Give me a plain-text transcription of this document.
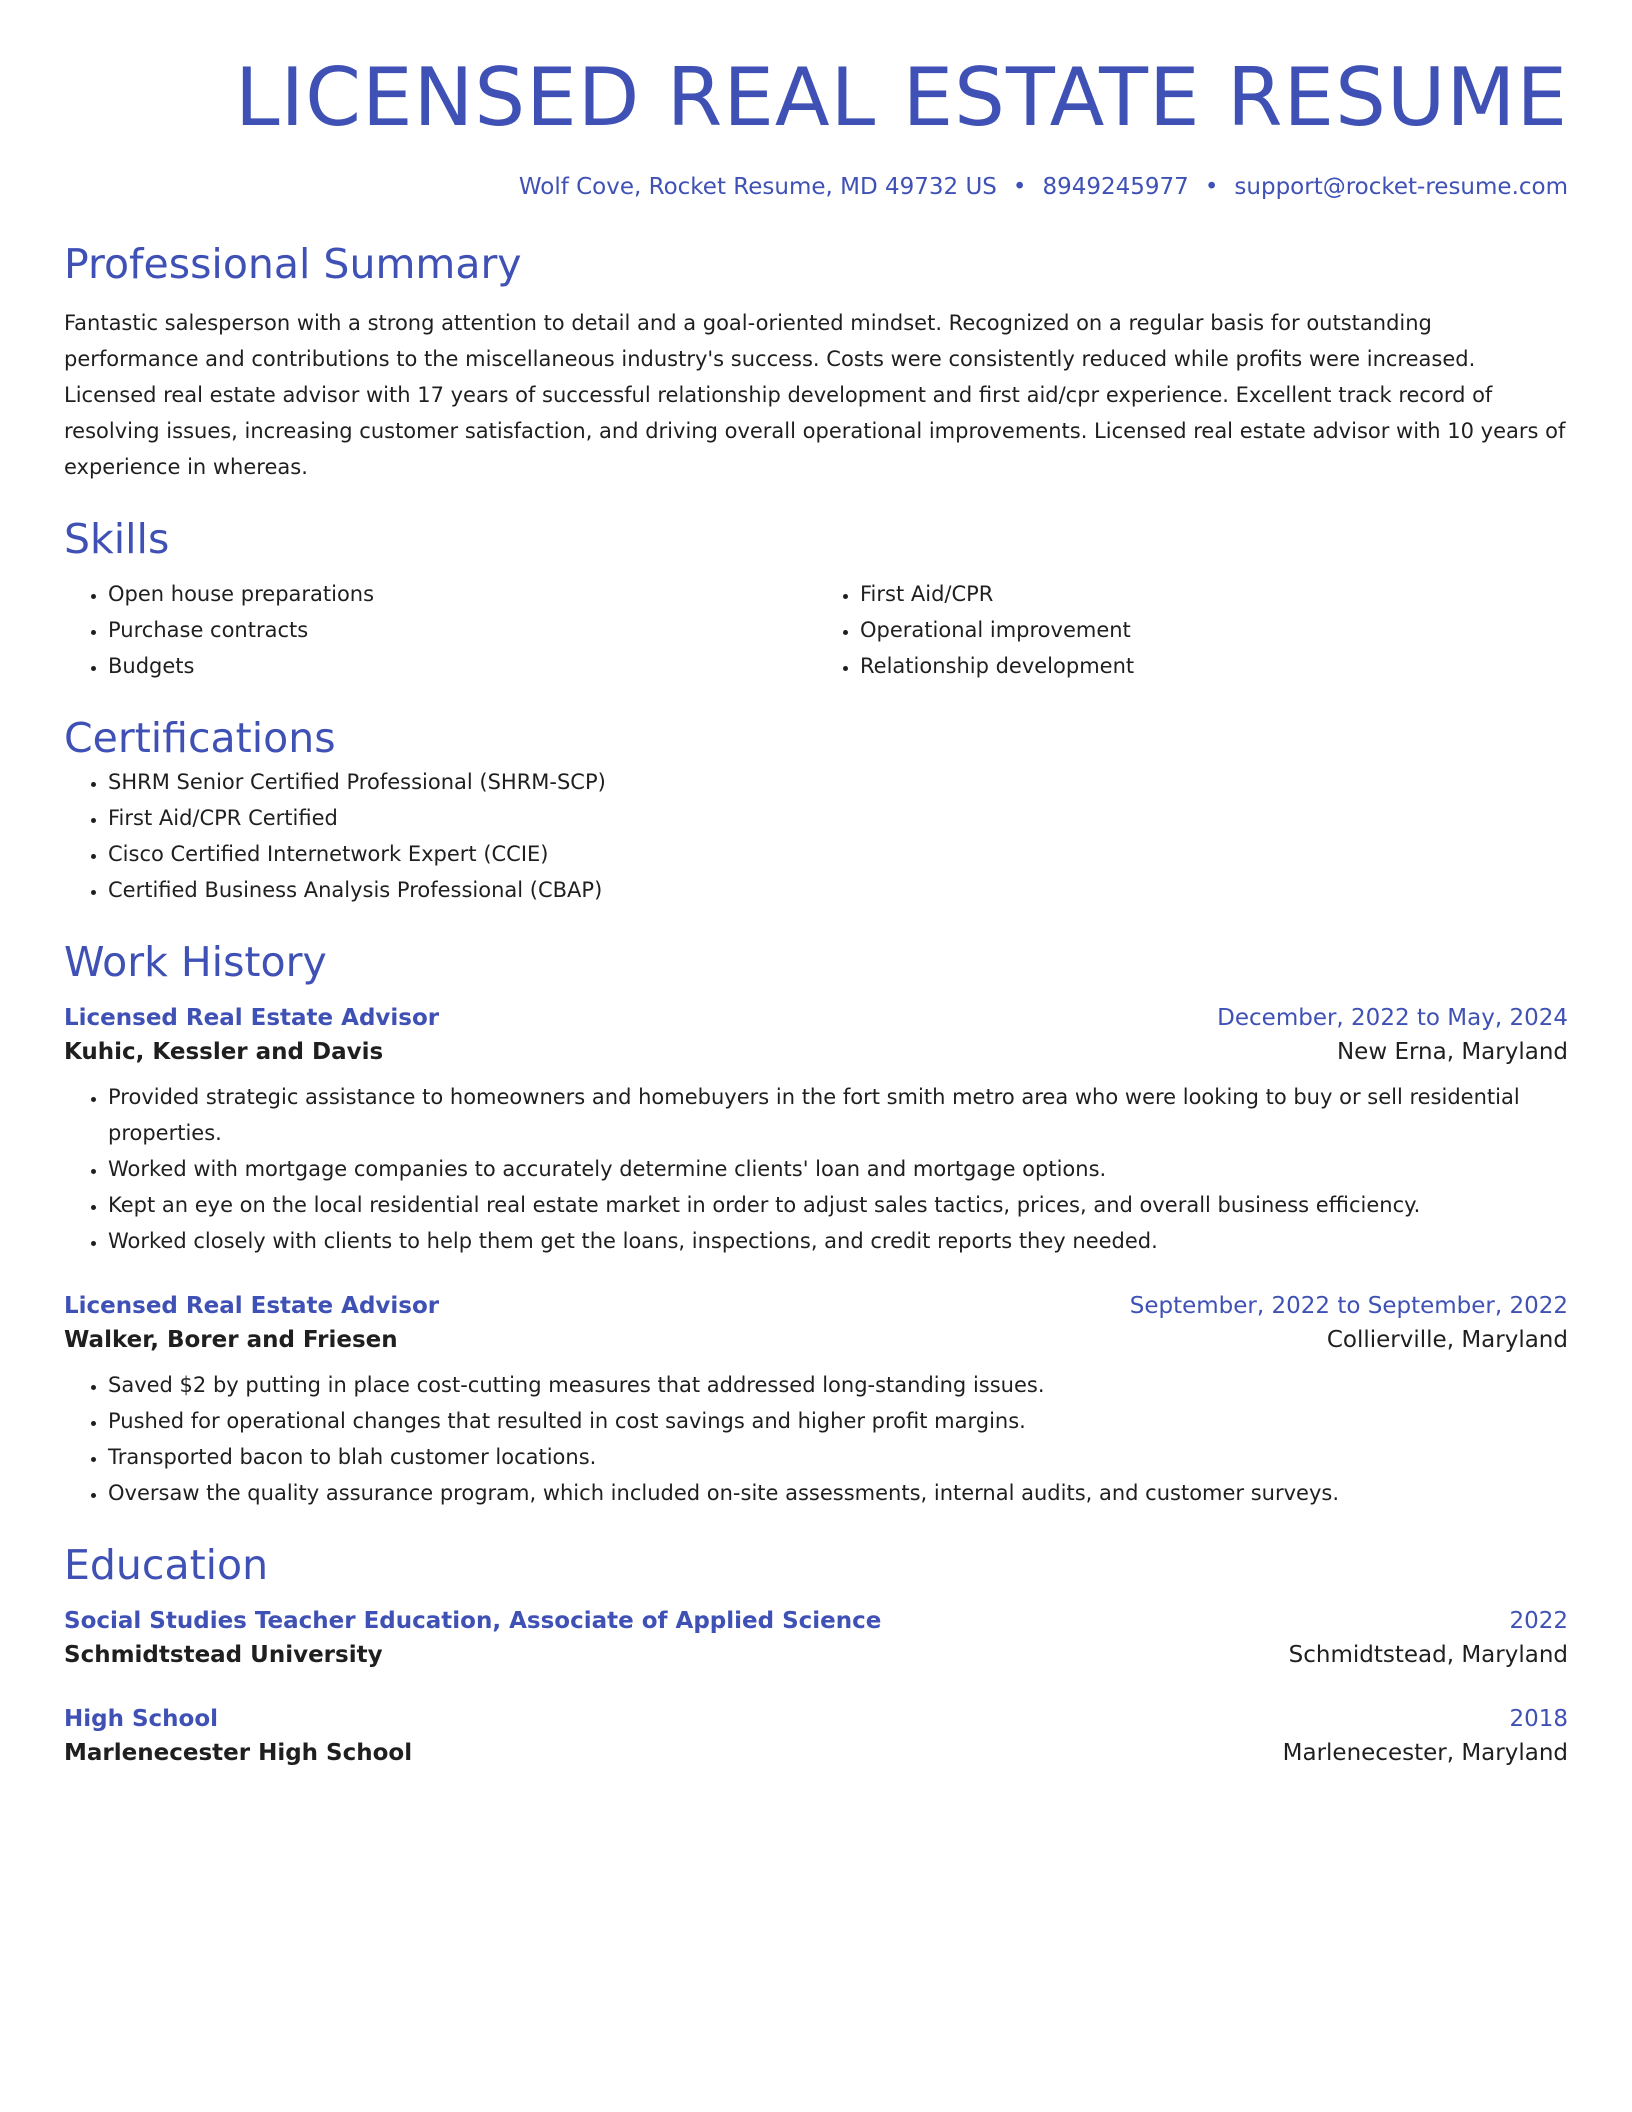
LICENSED REAL ESTATE RESUME
Wolf Cove, Rocket Resume, MD 49732 US • 8949245977 • support@rocket-resume.com
Professional Summary

Fantastic salesperson with a strong attention to detail and a goal-oriented mindset. Recognized on a regular basis for outstanding performance and contributions to the miscellaneous industry's success. Costs were consistently reduced while profits were increased. Licensed real estate advisor with 17 years of successful relationship development and first aid/cpr experience. Excellent track record of resolving issues, increasing customer satisfaction, and driving overall operational improvements. Licensed real estate advisor with 10 years of experience in whereas.

Skills
• Open house preparations
• Purchase contracts
• Budgets
• First Aid/CPR
• Operational improvement
• Relationship development
Certifications
• SHRM Senior Certified Professional (SHRM-SCP)
• First Aid/CPR Certified
• Cisco Certified Internetwork Expert (CCIE)
• Certified Business Analysis Professional (CBAP)
Work History
Licensed Real Estate Advisor	December, 2022 to May, 2024
Kuhic, Kessler and Davis	New Erna, Maryland
• Provided strategic assistance to homeowners and homebuyers in the fort smith metro area who were looking to buy or sell residential properties.
• Worked with mortgage companies to accurately determine clients' loan and mortgage options.
• Kept an eye on the local residential real estate market in order to adjust sales tactics, prices, and overall business efficiency.
• Worked closely with clients to help them get the loans, inspections, and credit reports they needed.
Licensed Real Estate Advisor	September, 2022 to September, 2022
Walker, Borer and Friesen	Collierville, Maryland
• Saved $2 by putting in place cost-cutting measures that addressed long-standing issues.
• Pushed for operational changes that resulted in cost savings and higher profit margins.
• Transported bacon to blah customer locations.
• Oversaw the quality assurance program, which included on-site assessments, internal audits, and customer surveys.
Education
Social Studies Teacher Education, Associate of Applied Science	2022
Schmidtstead University	Schmidtstead, Maryland
High School	2018
Marlenecester High School	Marlenecester, Maryland
